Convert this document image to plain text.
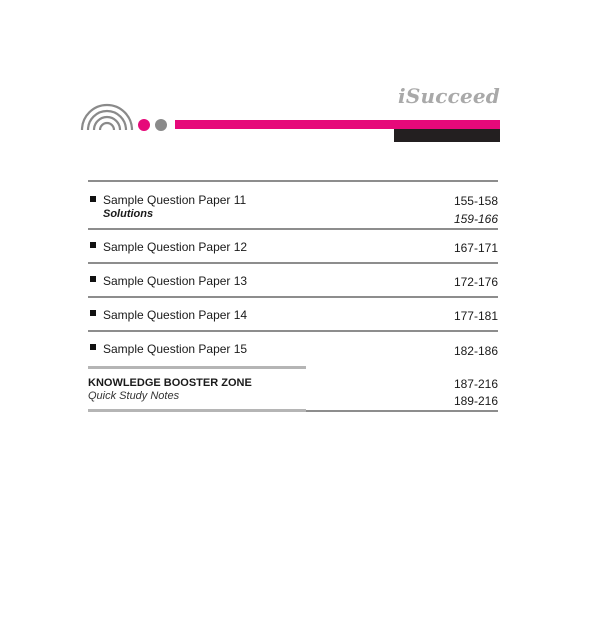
iSucceed
Sample Question Paper 11	155-158
Solutions	159-166
Sample Question Paper 12	167-171
Sample Question Paper 13	172-176
Sample Question Paper 14	177-181
Sample Question Paper 15	182-186
KNOWLEDGE BOOSTER ZONE	187-216
Quick Study Notes	189-216
